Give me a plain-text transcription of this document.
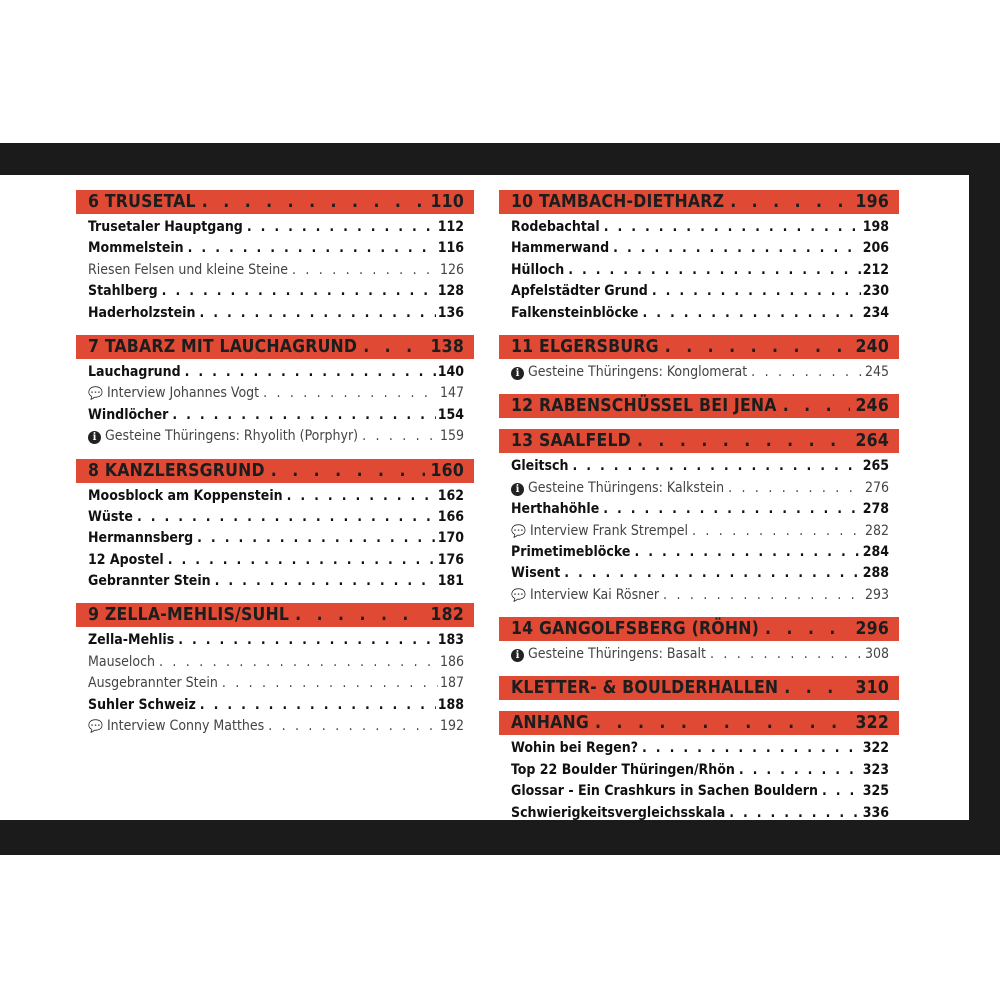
6 TRUSETAL . . .	110
Trusetaler Hauptgang . . .	112
Mommelstein . . .	116
Riesen Felsen und kleine Steine . . .	126
Stahlberg . . .	128
Haderholzstein . . .	136
7 TABARZ MIT LAUCHAGRUND . . .	138
Lauchagrund . . .	140
💬 Interview Johannes Vogt . . .	147
Windlöcher . . .	154
i Gesteine Thüringens: Rhyolith (Porphyr) . . .	159
8 KANZLERSGRUND . . .	160
Moosblock am Koppenstein . . .	162
Wüste . . .	166
Hermannsberg . . .	170
12 Apostel . . .	176
Gebrannter Stein . . .	181
9 ZELLA-MEHLIS/SUHL . . .	182
Zella-Mehlis . . .	183
Mauseloch . . .	186
Ausgebrannter Stein . . .	187
Suhler Schweiz . . .	188
💬 Interview Conny Matthes . . .	192
10 TAMBACH-DIETHARZ . . .	196
Rodebachtal . . .	198
Hammerwand . . .	206
Hülloch . . .	212
Apfelstädter Grund . . .	230
Falkensteinblöcke . . .	234
11 ELGERSBURG . . .	240
i Gesteine Thüringens: Konglomerat . . .	245
12 RABENSCHÜSSEL BEI JENA . . .	246
13 SAALFELD . . .	264
Gleitsch . . .	265
i Gesteine Thüringens: Kalkstein . . .	276
Herthahöhle . . .	278
💬 Interview Frank Strempel . . .	282
Primetimeblöcke . . .	284
Wisent . . .	288
💬 Interview Kai Rösner . . .	293
14 GANGOLFSBERG (RÖHN) . . .	296
i Gesteine Thüringens: Basalt . . .	308
KLETTER- & BOULDERHALLEN . . .	310
ANHANG . . .	322
Wohin bei Regen? . . .	322
Top 22 Boulder Thüringen/Rhön . . .	323
Glossar - Ein Crashkurs in Sachen Bouldern . . .	325
Schwierigkeitsvergleichsskala . . .	336
